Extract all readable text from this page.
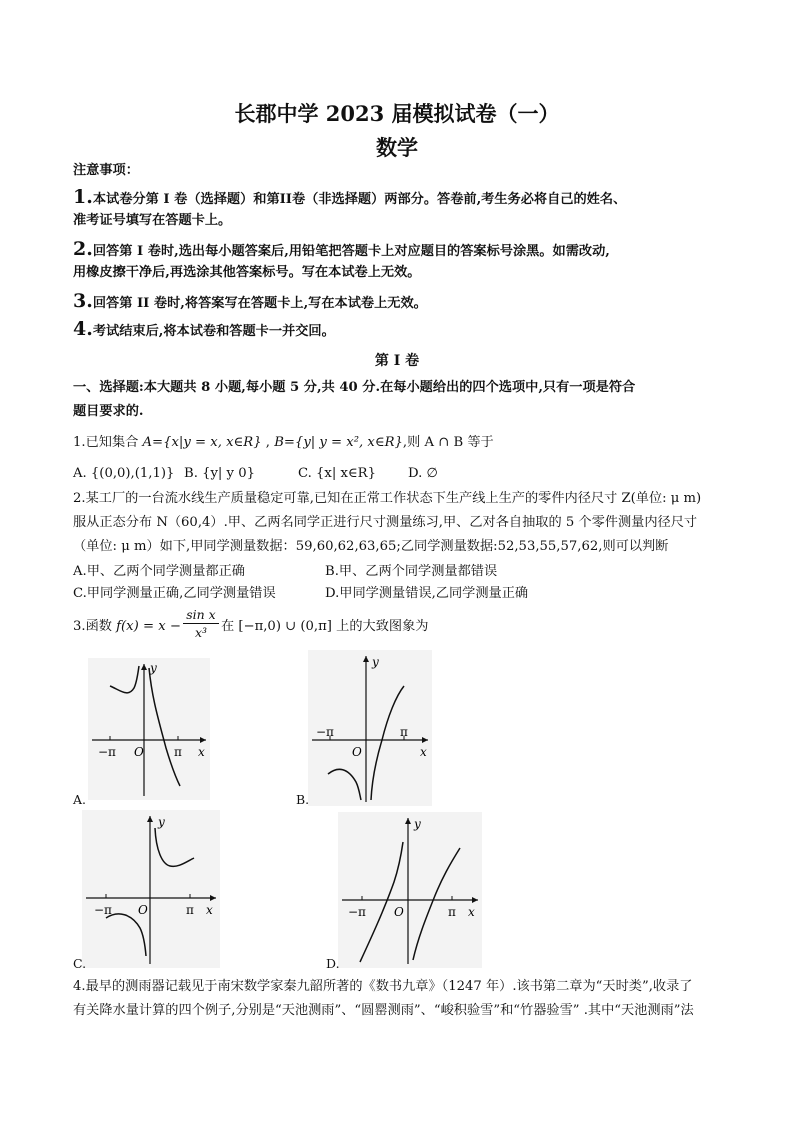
长郡中学 2023 届模拟试卷（一）
数学
注意事项：
1.本试卷分第 I 卷（选择题）和第II卷（非选择题）两部分。答卷前,考生务必将自己的姓名、
准考证号填写在答题卡上。
2.回答第 I 卷时,选出每小题答案后,用铅笔把答题卡上对应题目的答案标号涂黑。如需改动,
用橡皮擦干净后,再选涂其他答案标号。写在本试卷上无效。
3.回答第 II 卷时,将答案写在答题卡上,写在本试卷上无效。
4.考试结束后,将本试卷和答题卡一并交回。
第 I 卷
一、选择题:本大题共 8 小题,每小题 5 分,共 40 分.在每小题给出的四个选项中,只有一项是符合
题目要求的.
1.已知集合 A={x|y = x, x∈R} , B={y| y = x², x∈R},则 A ∩ B 等于
A. {(0,0),(1,1)} B. {y| y 0}	C. {x| x∈R} D. ∅
2.某工厂的一台流水线生产质量稳定可靠,已知在正常工作状态下生产线上生产的零件内径尺寸 Z(单位: μ m)
服从正态分布 N（60,4）.甲、乙两名同学正进行尺寸测量练习,甲、乙对各自抽取的 5 个零件测量内径尺寸
（单位: μ m）如下,甲同学测量数据：59,60,62,63,65;乙同学测量数据:52,53,55,57,62,则可以判断
A.甲、乙两个同学测量都正确	B.甲、乙两个同学测量都错误
C.甲同学测量正确,乙同学测量错误	D.甲同学测量错误,乙同学测量正确
3.函数 $f(x) = x - \frac{\text{sin x}}{\text{x³}}$ 在 [−π,0) ∪ (0,π] 上的大致图象为
y
x
O
−π	π
A.
y
x
O
−π	π
B.
y
x
O
−π	π
C.
y
x
O
−π	π
D.
4.最早的测雨器记载见于南宋数学家秦九韶所著的《数书九章》（1247 年）.该书第二章为“天时类”,收录了
有关降水量计算的四个例子,分别是“天池测雨”、“圆罂测雨”、“峻积验雪”和“竹器验雪” .其中“天池测雨”法
